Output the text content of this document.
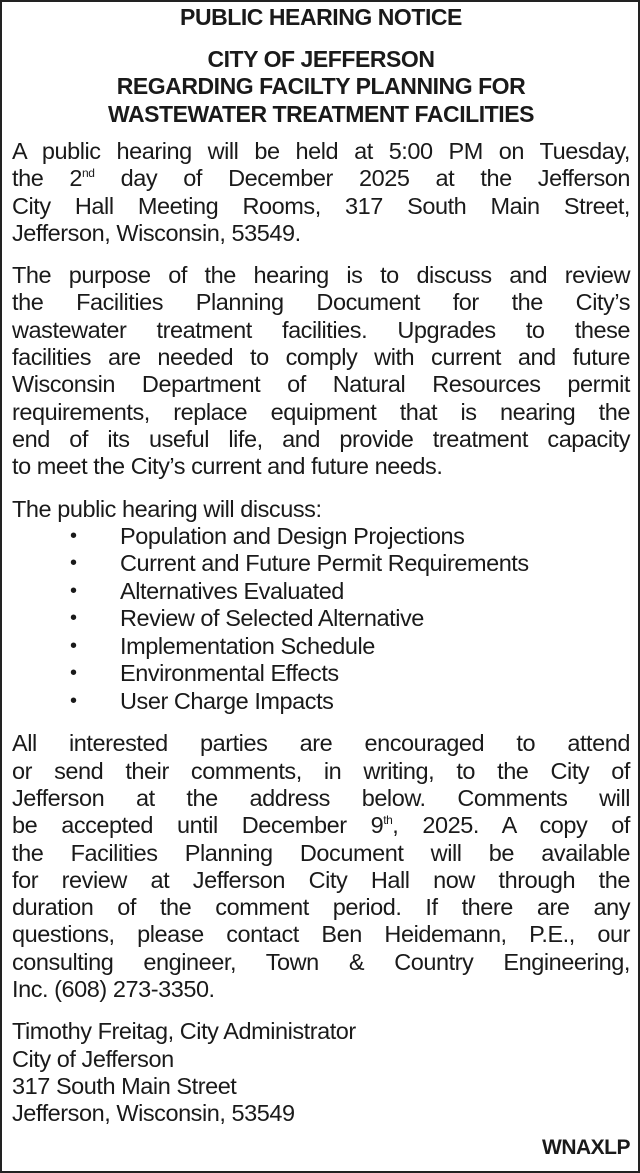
PUBLIC HEARING NOTICE
CITY OF JEFFERSON
REGARDING FACILTY PLANNING FOR
WASTEWATER TREATMENT FACILITIES
A public hearing will be held at 5:00 PM on Tuesday,
the 2nd day of December 2025 at the Jefferson
City Hall Meeting Rooms, 317 South Main Street,
Jefferson, Wisconsin, 53549.
The purpose of the hearing is to discuss and review
the Facilities Planning Document for the City’s
wastewater treatment facilities. Upgrades to these
facilities are needed to comply with current and future
Wisconsin Department of Natural Resources permit
requirements, replace equipment that is nearing the
end of its useful life, and provide treatment capacity
to meet the City’s current and future needs.
The public hearing will discuss:
•	Population and Design Projections
•	Current and Future Permit Requirements
•	Alternatives Evaluated
•	Review of Selected Alternative
•	Implementation Schedule
•	Environmental Effects
•	User Charge Impacts
All interested parties are encouraged to attend
or send their comments, in writing, to the City of
Jefferson at the address below. Comments will
be accepted until December 9th, 2025. A copy of
the Facilities Planning Document will be available
for review at Jefferson City Hall now through the
duration of the comment period. If there are any
questions, please contact Ben Heidemann, P.E., our
consulting engineer, Town & Country Engineering,
Inc. (608) 273-3350.
Timothy Freitag, City Administrator
City of Jefferson
317 South Main Street
Jefferson, Wisconsin, 53549
WNAXLP
